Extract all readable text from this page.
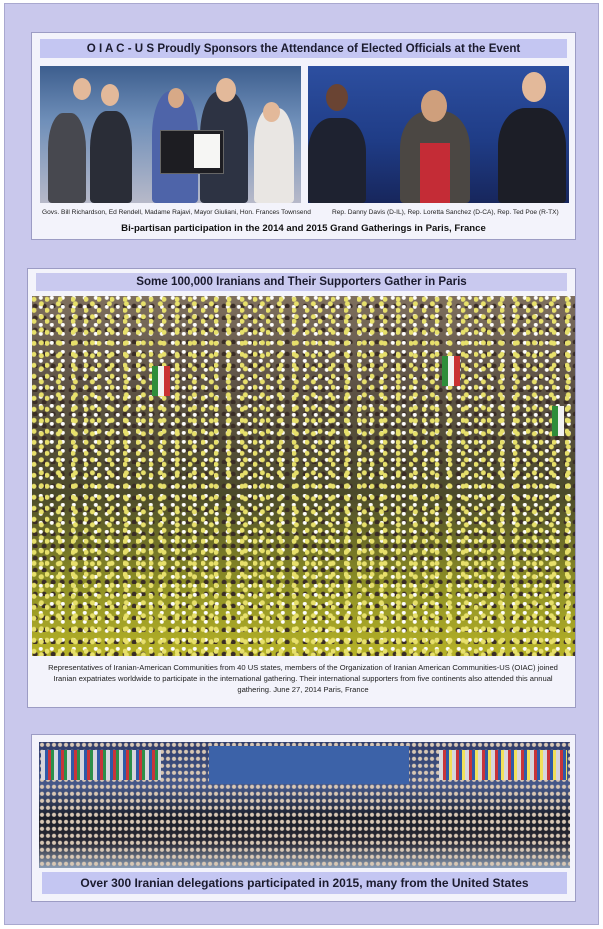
O I A C - U S Proudly Sponsors the Attendance of Elected Officials at the Event
Govs. Bill Richardson, Ed Rendell, Madame Rajavi, Mayor Giuliani, Hon. Frances Townsend	Rep. Danny Davis (D-IL), Rep. Loretta Sanchez (D-CA), Rep. Ted Poe (R-TX)
Bi-partisan participation in the 2014 and 2015 Grand Gatherings in Paris, France
Some 100,000 Iranians and Their Supporters Gather in Paris
Representatives of Iranian-American Communities from 40 US states, members of the Organization of Iranian American Communities-US (OIAC) joined Iranian expatriates worldwide to participate in the international gathering. Their international supporters from five continents also attended this annual gathering. June 27, 2014 Paris, France
Over 300 Iranian delegations participated in 2015, many from the United States
